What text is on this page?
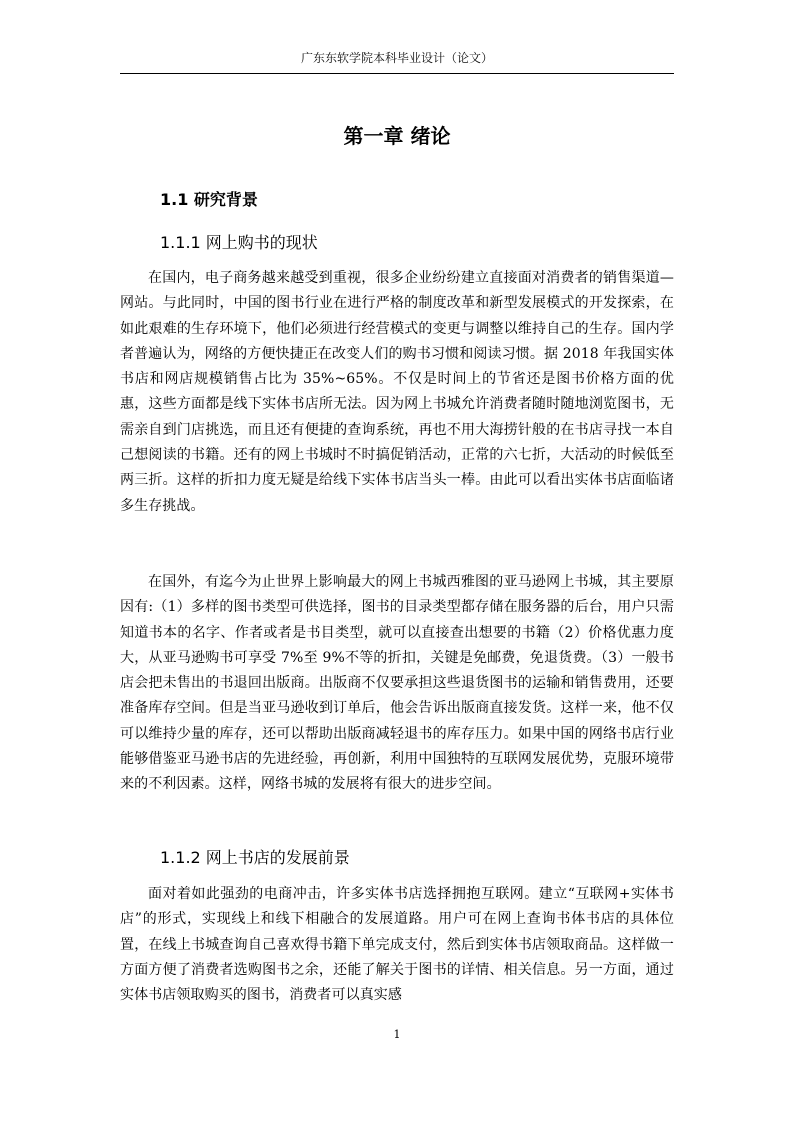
广东东软学院本科毕业设计（论文）
第一章 绪论
1.1 研究背景
1.1.1 网上购书的现状

在国内，电子商务越来越受到重视，很多企业纷纷建立直接面对消费者的销售渠道—网站。与此同时，中国的图书行业在进行严格的制度改革和新型发展模式的开发探索，在如此艰难的生存环境下，他们必须进行经营模式的变更与调整以维持自己的生存。国内学者普遍认为，网络的方便快捷正在改变人们的购书习惯和阅读习惯。据 2018 年我国实体书店和网店规模销售占比为 35%~65%。不仅是时间上的节省还是图书价格方面的优惠，这些方面都是线下实体书店所无法。因为网上书城允许消费者随时随地浏览图书，无需亲自到门店挑选，而且还有便捷的查询系统，再也不用大海捞针般的在书店寻找一本自己想阅读的书籍。还有的网上书城时不时搞促销活动，正常的六七折，大活动的时候低至两三折。这样的折扣力度无疑是给线下实体书店当头一棒。由此可以看出实体书店面临诸多生存挑战。

在国外，有迄今为止世界上影响最大的网上书城西雅图的亚马逊网上书城，其主要原因有:（1）多样的图书类型可供选择，图书的目录类型都存储在服务器的后台，用户只需知道书本的名字、作者或者是书目类型，就可以直接查出想要的书籍（2）价格优惠力度大，从亚马逊购书可享受 7%至 9%不等的折扣，关键是免邮费，免退货费。（3）一般书店会把未售出的书退回出版商。出版商不仅要承担这些退货图书的运输和销售费用，还要准备库存空间。但是当亚马逊收到订单后，他会告诉出版商直接发货。这样一来，他不仅可以维持少量的库存，还可以帮助出版商减轻退书的库存压力。如果中国的网络书店行业能够借鉴亚马逊书店的先进经验，再创新，利用中国独特的互联网发展优势，克服环境带来的不利因素。这样，网络书城的发展将有很大的进步空间。

1.1.2 网上书店的发展前景

面对着如此强劲的电商冲击，许多实体书店选择拥抱互联网。建立“互联网+实体书店”的形式，实现线上和线下相融合的发展道路。用户可在网上查询书体书店的具体位置，在线上书城查询自己喜欢得书籍下单完成支付，然后到实体书店领取商品。这样做一方面方便了消费者选购图书之余，还能了解关于图书的详情、相关信息。另一方面，通过实体书店领取购买的图书，消费者可以真实感

1
